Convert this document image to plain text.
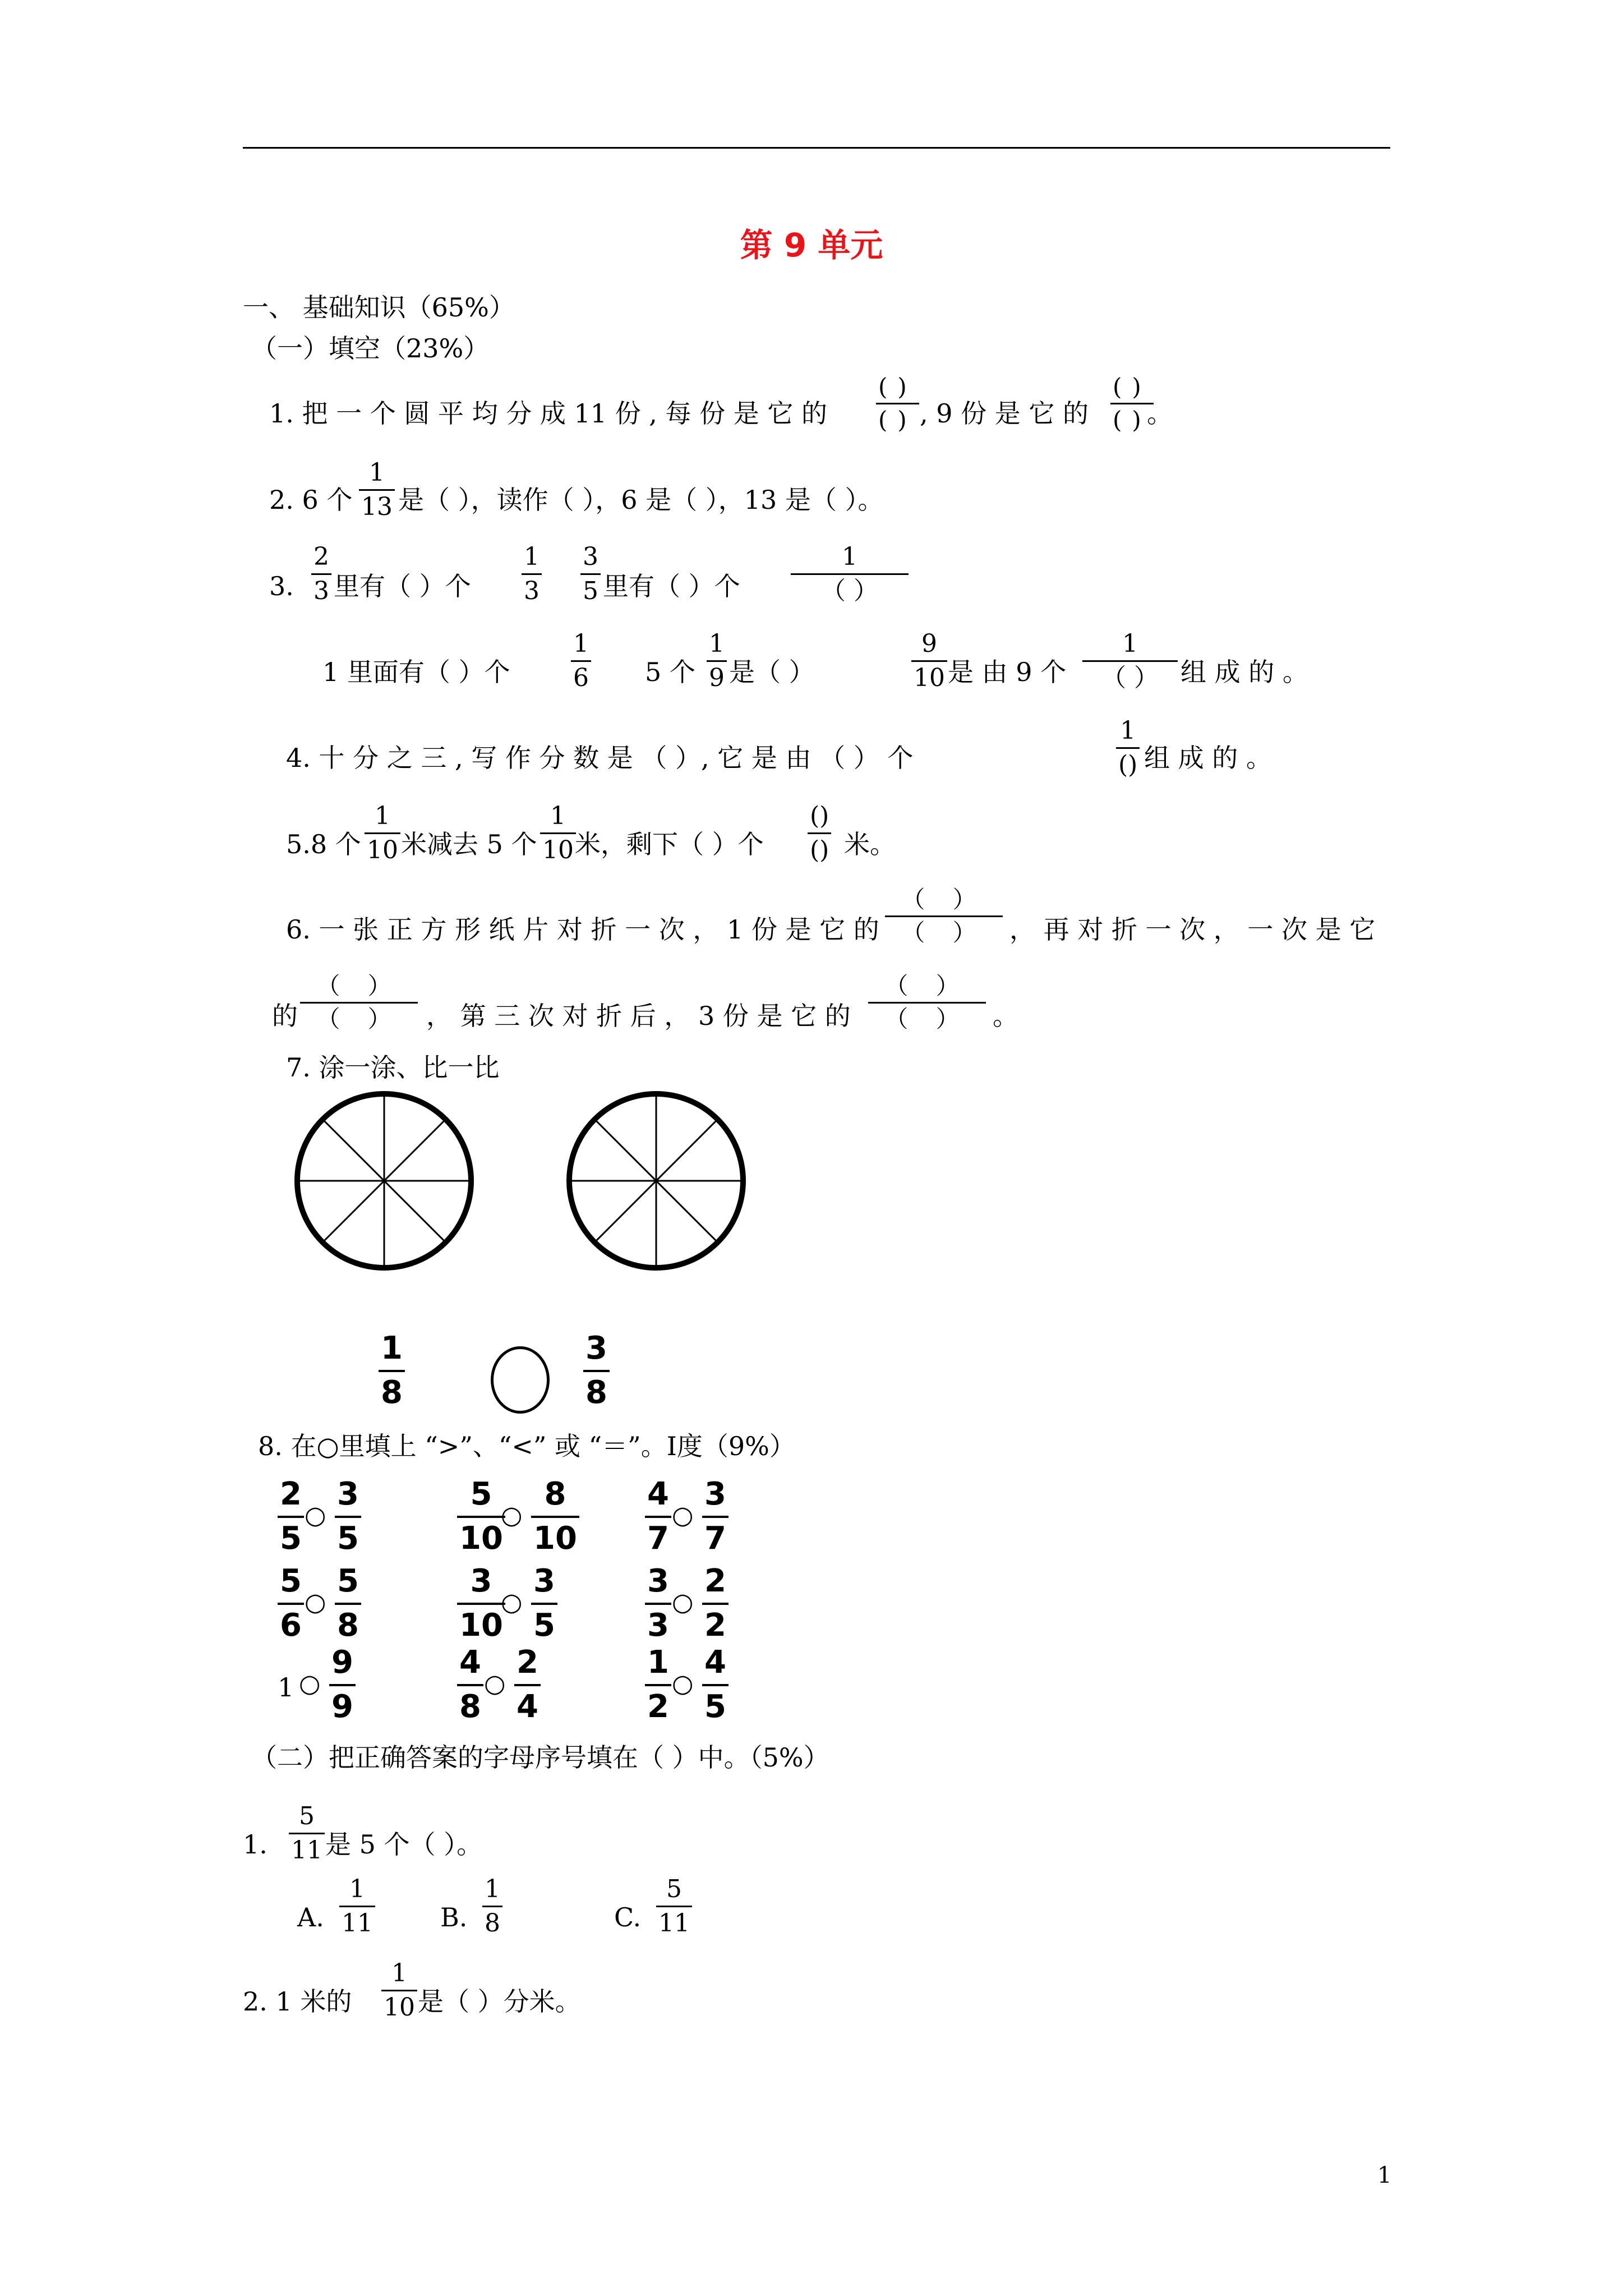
第 9 单元
一、 基础知识（65%）
（一）填空（23%）
1. 把 一 个 圆 平 均 分 成 11 份 , 每 份 是 它 的
()
() , 9 份 是 它 的
()
()
。
2. 6 个
1
13 是（ ），读作（ ），6 是（ ），13 是（ ）。
3.
2
3 里有（ ）个
1
3
3
5 里有（ ）个
1
（ ）
1 里面有（ ）个
1
6 5 个
1
9 是（ ）
9
10 是 由 9 个
1
（ ） 组 成 的 。
4. 十 分 之 三 , 写 作 分 数 是 （ ）, 它 是 由 （ ） 个
1
() 组 成 的 。
5.8 个
1
10 米减去 5 个
1
10 米，剩下（ ）个
()
() 米。
6. 一 张 正 方 形 纸 片 对 折 一 次 ， 1 份 是 它 的
（ ）
（ ） ， 再 对 折 一 次 ， 一 次 是 它
的
（ ）
（ ） ， 第 三 次 对 折 后 ， 3 份 是 它 的
（ ）
（ ） 。
7. 涂一涂、比一比
1
8
3
8
8. 在○里填上 “>”、“<” 或 “＝”。Ⅰ度（9%）
2
5
○
3
5
5
10
○
8
10
4
7
○
3
7
5
6
○
5
8
3
10
○
3
5
3
3
○
2
2
1 ○
9
9
4
8
○
2
4
1
2
○
4
5
（二）把正确答案的字母序号填在（ ）中。（5%）
1.
5
11 是 5 个（ ）。
A.
1
11	B.
1
8	C.
5
11
2. 1 米的
1
10 是（ ）分米。
1
